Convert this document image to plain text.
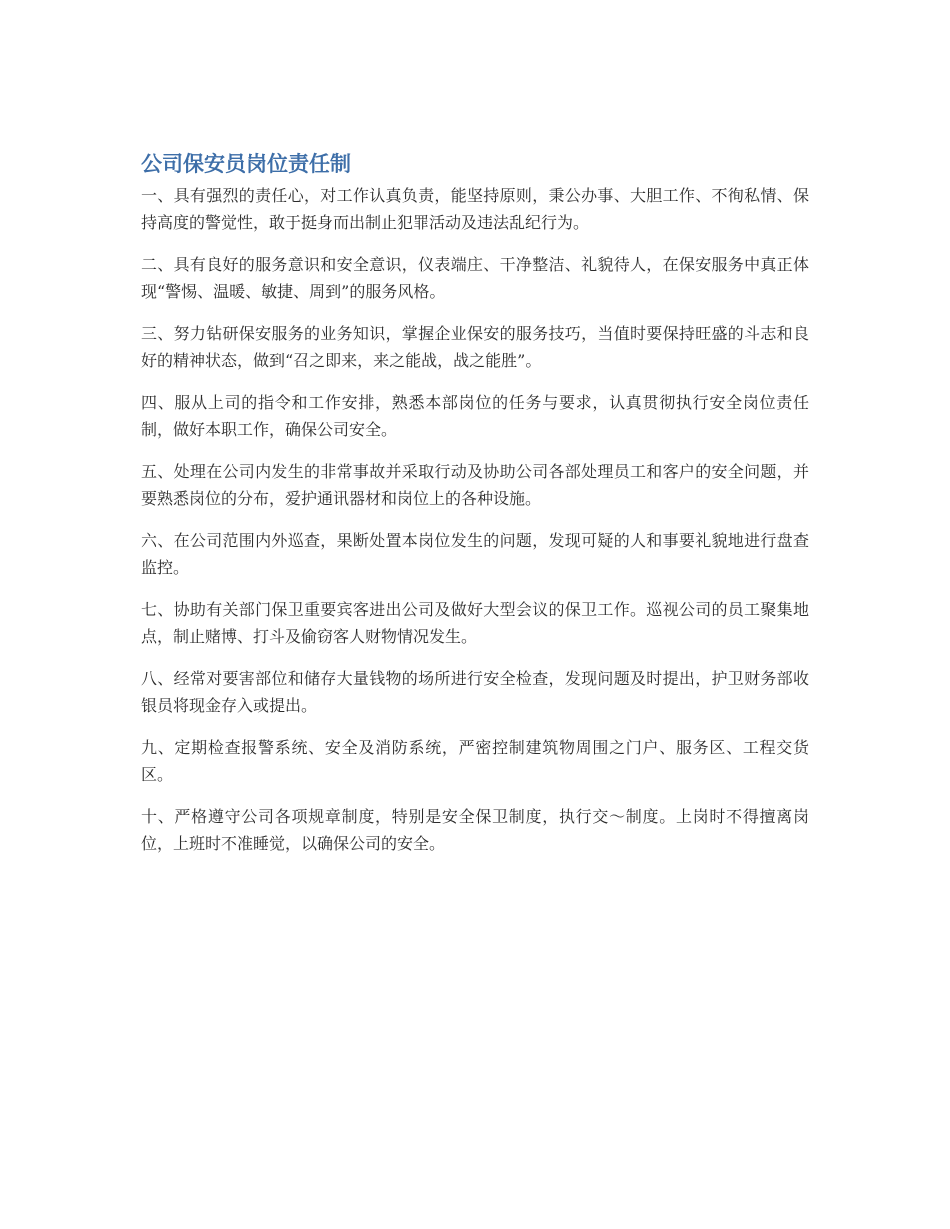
公司保安员岗位责任制

一、具有强烈的责任心，对工作认真负责，能坚持原则，秉公办事、大胆工作、不徇私情、保持高度的警觉性，敢于挺身而出制止犯罪活动及违法乱纪行为。

二、具有良好的服务意识和安全意识，仪表端庄、干净整洁、礼貌待人，在保安服务中真正体现“警惕、温暖、敏捷、周到”的服务风格。

三、努力钻研保安服务的业务知识，掌握企业保安的服务技巧，当值时要保持旺盛的斗志和良好的精神状态，做到“召之即来，来之能战，战之能胜”。

四、服从上司的指令和工作安排，熟悉本部岗位的任务与要求，认真贯彻执行安全岗位责任制，做好本职工作，确保公司安全。

五、处理在公司内发生的非常事故并采取行动及协助公司各部处理员工和客户的安全问题，并要熟悉岗位的分布，爱护通讯器材和岗位上的各种设施。

六、在公司范围内外巡查，果断处置本岗位发生的问题，发现可疑的人和事要礼貌地进行盘查监控。

七、协助有关部门保卫重要宾客进出公司及做好大型会议的保卫工作。巡视公司的员工聚集地点，制止赌博、打斗及偷窃客人财物情况发生。

八、经常对要害部位和储存大量钱物的场所进行安全检查，发现问题及时提出，护卫财务部收银员将现金存入或提出。

九、定期检查报警系统、安全及消防系统，严密控制建筑物周围之门户、服务区、工程交货区。

十、严格遵守公司各项规章制度，特别是安全保卫制度，执行交～制度。上岗时不得擅离岗位，上班时不准睡觉，以确保公司的安全。
